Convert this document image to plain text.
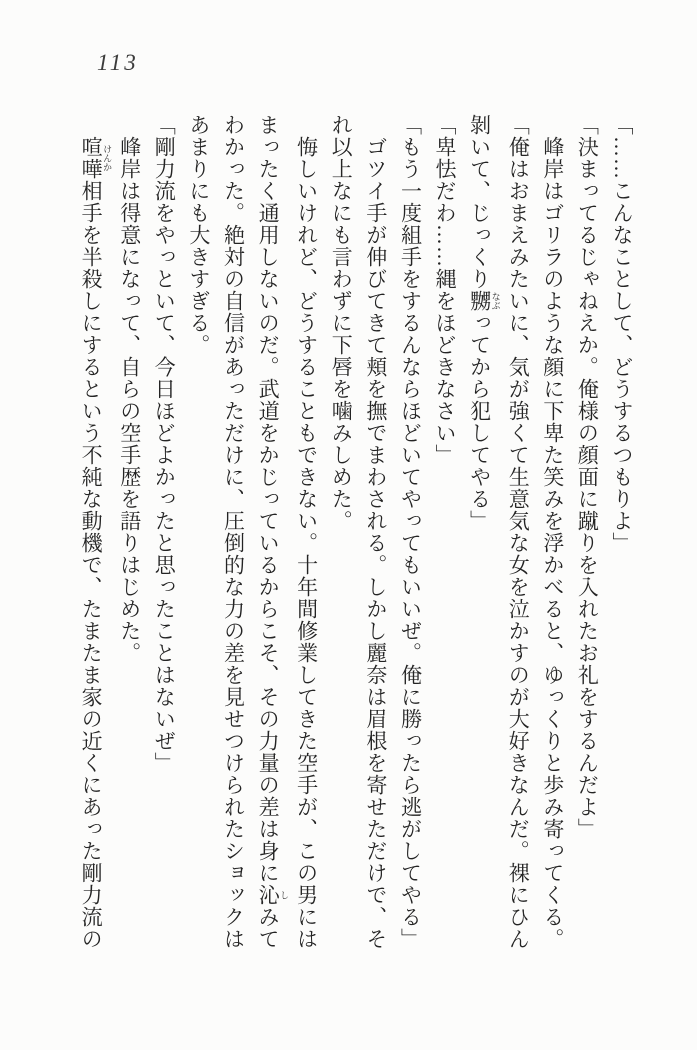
113
「……こんなことして、どうするつもりよ」
「決まってるじゃねえか。俺様の顔面に蹴りを入れたお礼をするんだよ」
峰岸はゴリラのような顔に下卑た笑みを浮かべると、ゆっくりと歩み寄ってくる。
「俺はおまえみたいに、気が強くて生意気な女を泣かすのが大好きなんだ。裸にひん
剝いて、じっくり嬲 なぶってから犯してやる」
「卑怯だわ……縄をほどきなさい」
「もう一度組手をするんならほどいてやってもいいぜ。俺に勝ったら逃がしてやる」
ゴツイ手が伸びてきて頬を撫でまわされる。しかし麗奈は眉根を寄せただけで、そ
れ以上なにも言わずに下唇を噛みしめた。
悔しいけれど、どうすることもできない。十年間修業してきた空手が、この男には
まったく通用しないのだ。武道をかじっているからこそ、その力量の差は身に沁 しみて
わかった。絶対の自信があっただけに、圧倒的な力の差を見せつけられたショックは
あまりにも大きすぎる。
「剛力流をやっといて、今日ほどよかったと思ったことはないぜ」
峰岸は得意になって、自らの空手歴を語りはじめた。
喧嘩 けんか相手を半殺しにするという不純な動機で、たまたま家の近くにあった剛力流の
